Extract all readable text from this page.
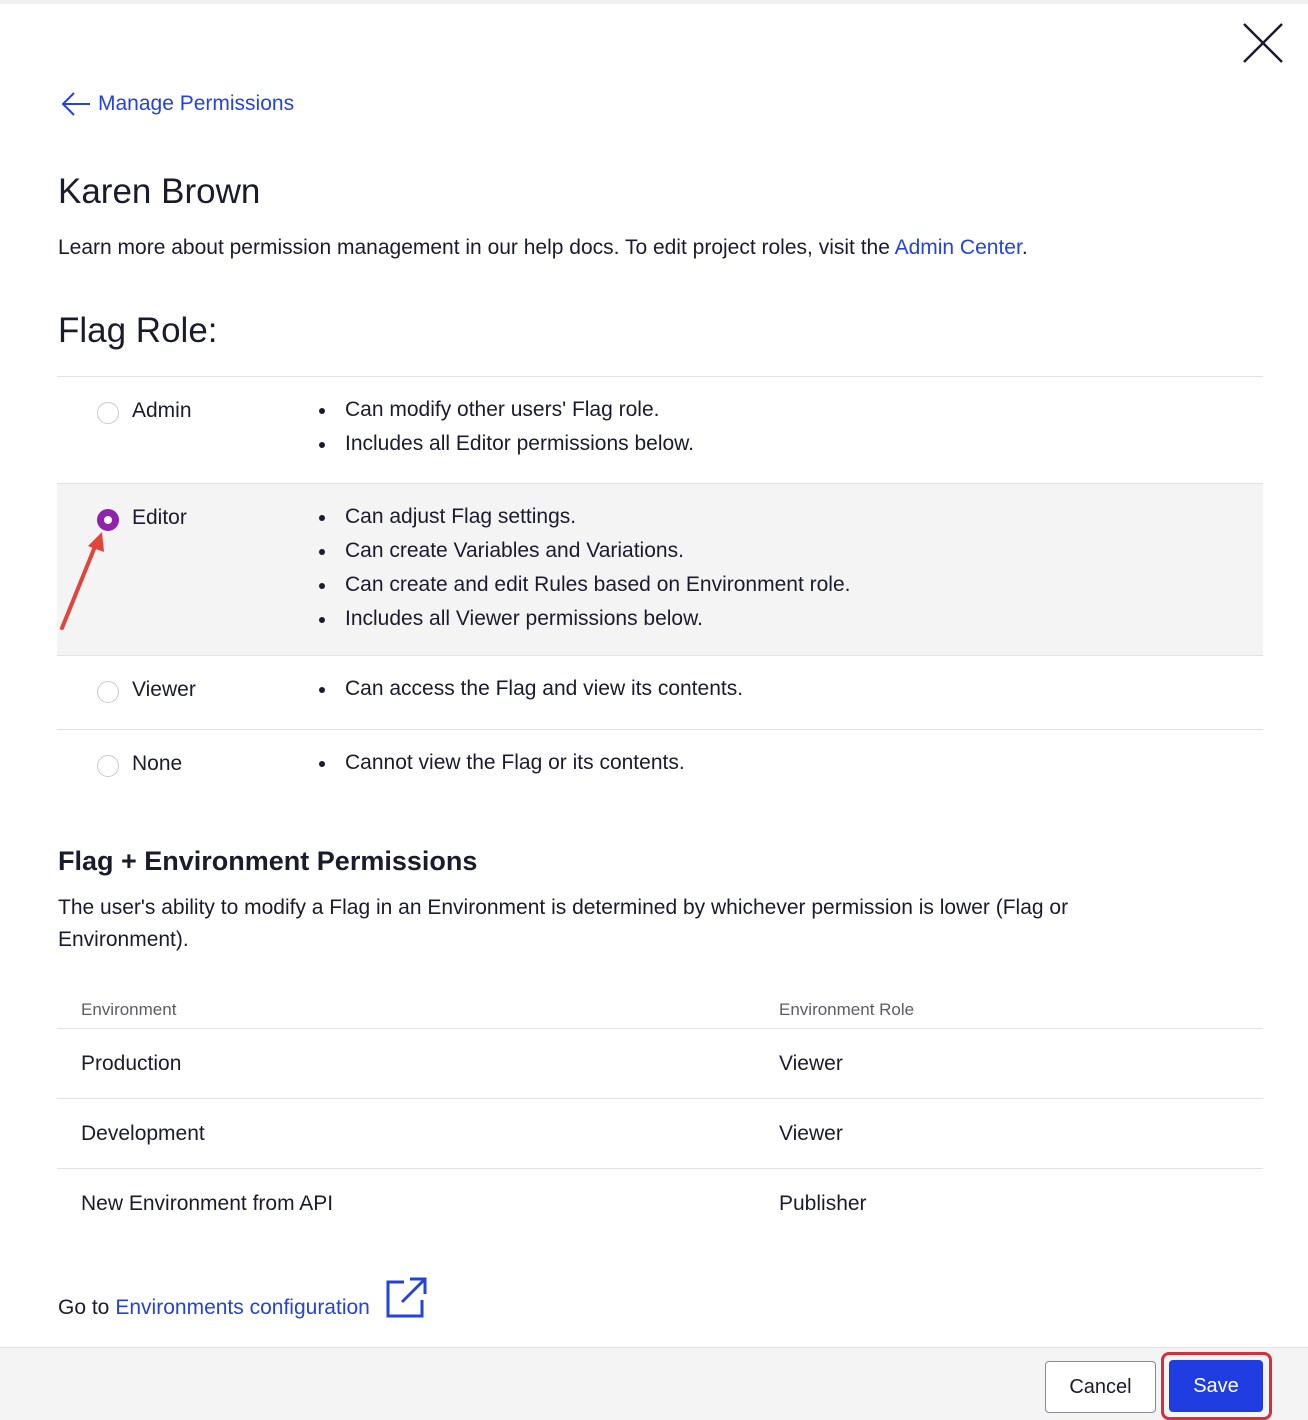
Manage Permissions
Karen Brown
Learn more about permission management in our help docs. To edit project roles, visit the Admin Center.
Flag Role:
Admin	Can modify other users' Flag role.
Includes all Editor permissions below.
Editor	Can adjust Flag settings.
Can create Variables and Variations.
Can create and edit Rules based on Environment role.
Includes all Viewer permissions below.
Viewer	Can access the Flag and view its contents.
None	Cannot view the Flag or its contents.
Flag + Environment Permissions

The user's ability to modify a Flag in an Environment is determined by whichever permission is lower (Flag or Environment).

Environment	Environment Role
Production	Viewer
Development	Viewer
New Environment from API	Publisher
Go to Environments configuration
Cancel	Save
